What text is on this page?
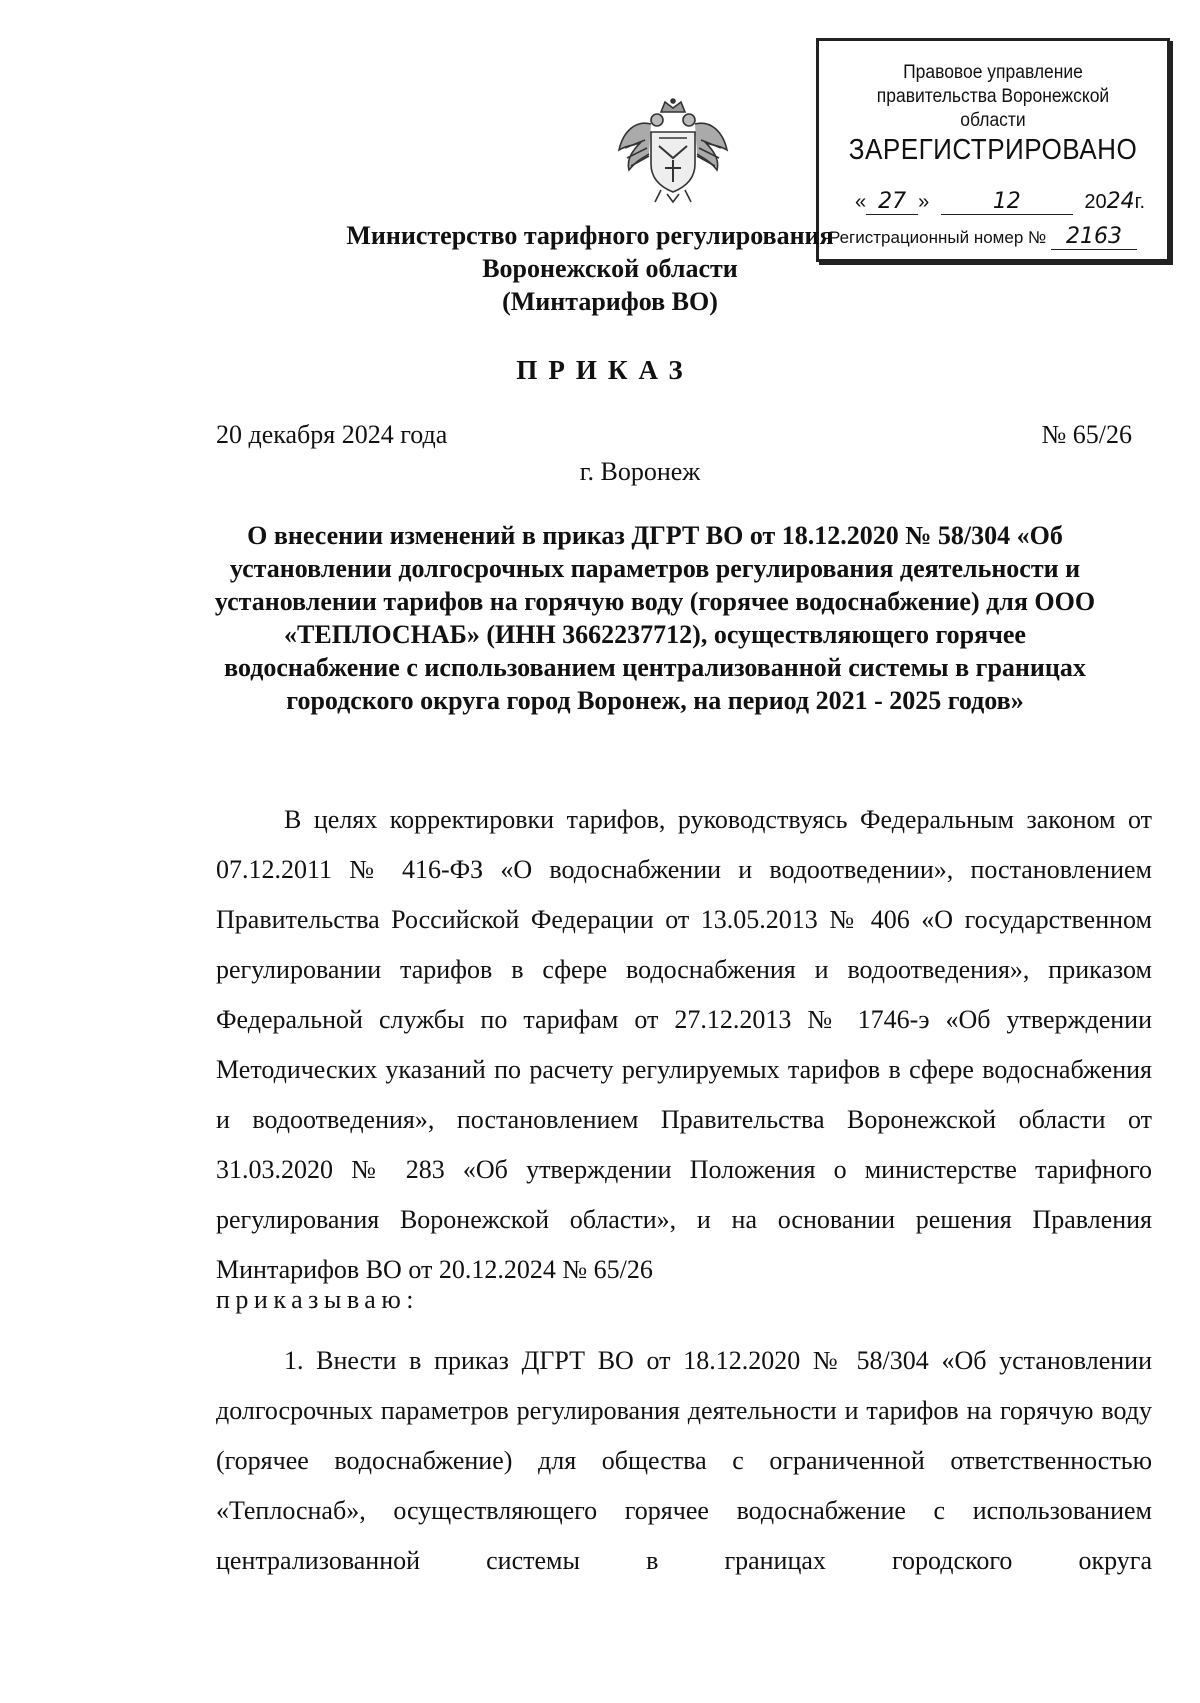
Правовое управление правительства Воронежской области
ЗАРЕГИСТРИРОВАНО
« 27 »	12	2024г.
Регистрационный номер № 2163
Министерство тарифного регулирования
Воронежской области
(Минтарифов ВО)
ПРИКАЗ
20 декабря 2024 года	№ 65/26
г. Воронеж
О внесении изменений в приказ ДГРТ ВО от 18.12.2020 № 58/304 «Об установлении долгосрочных параметров регулирования деятельности и установлении тарифов на горячую воду (горячее водоснабжение) для ООО «ТЕПЛОСНАБ» (ИНН 3662237712), осуществляющего горячее водоснабжение с использованием централизованной системы в границах городского округа город Воронеж, на период 2021 - 2025 годов»
В целях корректировки тарифов, руководствуясь Федеральным законом от 07.12.2011 № 416-ФЗ «О водоснабжении и водоотведении», постановлением Правительства Российской Федерации от 13.05.2013 № 406 «О государственном регулировании тарифов в сфере водоснабжения и водоотведения», приказом Федеральной службы по тарифам от 27.12.2013 № 1746-э «Об утверждении Методических указаний по расчету регулируемых тарифов в сфере водоснабжения и водоотведения», постановлением Правительства Воронежской области от 31.03.2020 № 283 «Об утверждении Положения о министерстве тарифного регулирования Воронежской области», и на основании решения Правления Минтарифов ВО от 20.12.2024 № 65/26
приказываю:
1. Внести в приказ ДГРТ ВО от 18.12.2020 № 58/304 «Об установлении долгосрочных параметров регулирования деятельности и тарифов на горячую воду (горячее водоснабжение) для общества с ограниченной ответственностью «Теплоснаб», осуществляющего горячее водоснабжение с использованием централизованной системы в границах городского округа
